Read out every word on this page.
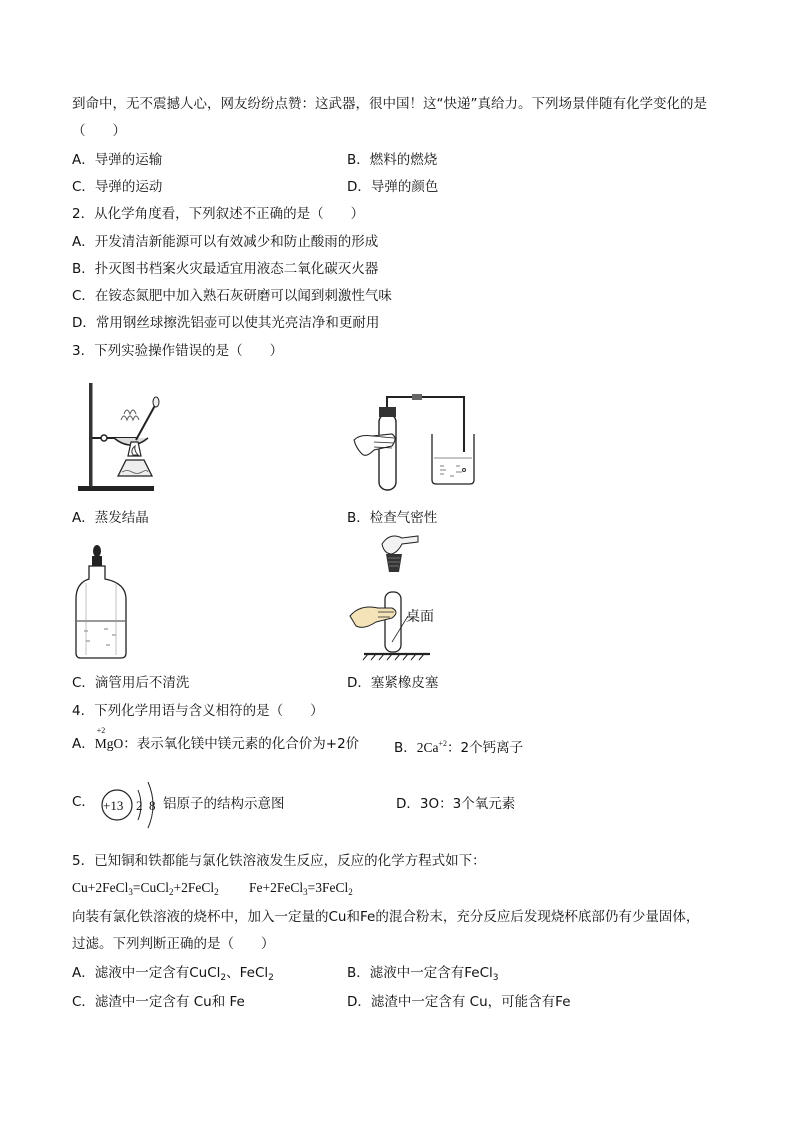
到命中，无不震撼人心，网友纷纷点赞：这武器，很中国！这“快递”真给力。下列场景伴随有化学变化的是
（　　）
A．导弹的运输	B．燃料的燃烧
C．导弹的运动	D．导弹的颜色
2．从化学角度看，下列叙述不正确的是（　　）
A．开发清洁新能源可以有效减少和防止酸雨的形成
B．扑灭图书档案火灾最适宜用液态二氧化碳灭火器
C．在铵态氮肥中加入熟石灰研磨可以闻到刺激性气味
D．常用钢丝球擦洗铝壶可以使其光亮洁净和更耐用
3．下列实验操作错误的是（　　）
A．蒸发结晶	B．检查气密性
C．滴管用后不清洗
桌面
D．塞紧橡皮塞
4．下列化学用语与含义相符的是（　　）
A．
+2
MgO：表示氧化镁中镁元素的化合价为+2价	B．$2Ca^{+2}$：2个钙离子
C． +13 2 8 铝原子的结构示意图	D．3O：3个氧元素
5．已知铜和铁都能与氯化铁溶液发生反应，反应的化学方程式如下：
Cu+2FeCl$_3$=CuCl$_2$+2FeCl$_2$ Fe+2FeCl$_3$=3FeCl$_2$
向装有氯化铁溶液的烧杯中，加入一定量的Cu和Fe的混合粉末，充分反应后发现烧杯底部仍有少量固体，
过滤。下列判断正确的是（　　）
A．滤液中一定含有CuCl$_2$、FeCl$_2$	B．滤液中一定含有FeCl$_3$
C．滤渣中一定含有 Cu和 Fe	D．滤渣中一定含有 Cu，可能含有Fe
